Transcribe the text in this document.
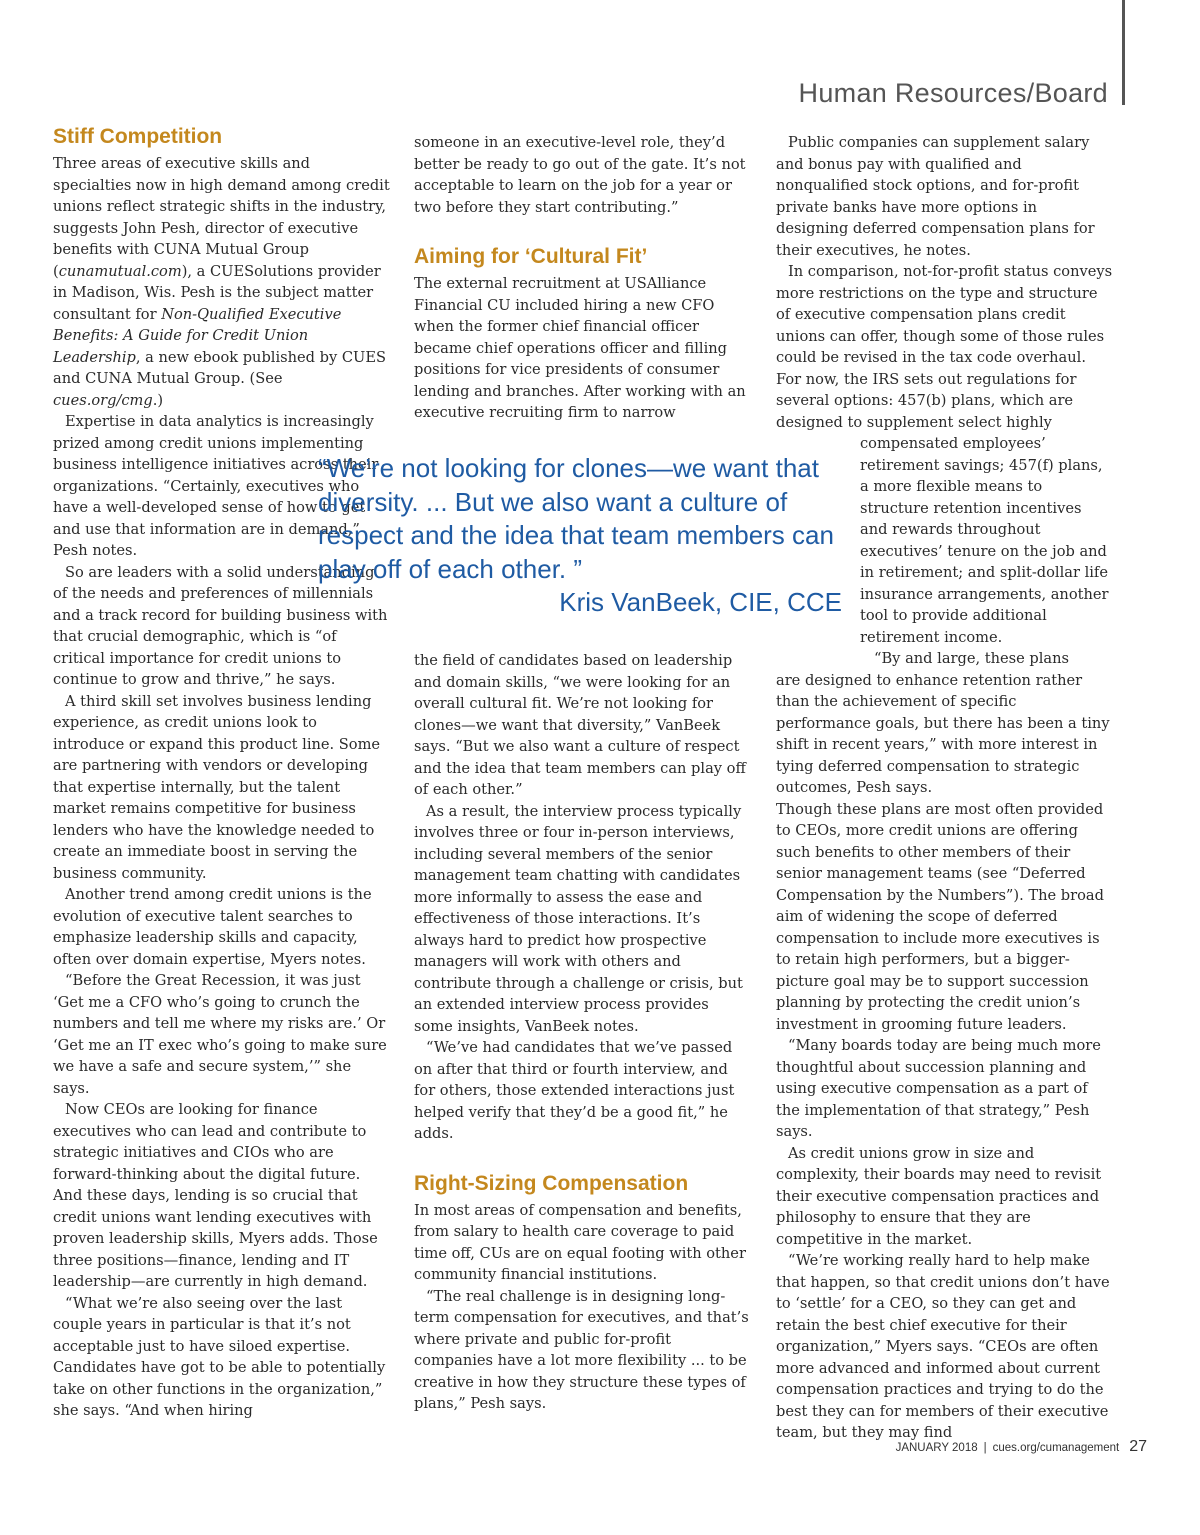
Human Resources/Board
Stiff Competition

Three areas of executive skills and specialties now in high demand among credit unions reflect strategic shifts in the industry, suggests John Pesh, director of executive benefits with CUNA Mutual Group (cunamutual.com), a CUESolutions provider in Madison, Wis. Pesh is the subject matter consultant for Non-Qualified Executive Benefits: A Guide for Credit Union Leadership, a new ebook published by CUES and CUNA Mutual Group. (See cues.org/cmg.)

Expertise in data analytics is increasingly prized among credit unions implementing business intelligence initiatives across their organizations. “Certainly, executives who have a well-developed sense of how to get and use that information are in demand,” Pesh notes.

So are leaders with a solid understanding of the needs and preferences of millennials and a track record for building business with that crucial demographic, which is “of critical importance for credit unions to continue to grow and thrive,” he says.

A third skill set involves business lending experience, as credit unions look to introduce or expand this product line. Some are partnering with vendors or developing that expertise internally, but the talent market remains competitive for business lenders who have the knowledge needed to create an immediate boost in serving the business community.

Another trend among credit unions is the evolution of executive talent searches to emphasize leadership skills and capacity, often over domain expertise, Myers notes.

“Before the Great Recession, it was just ‘Get me a CFO who’s going to crunch the numbers and tell me where my risks are.’ Or ‘Get me an IT exec who’s going to make sure we have a safe and secure system,’” she says.

Now CEOs are looking for finance executives who can lead and contribute to strategic initiatives and CIOs who are forward-thinking about the digital future. And these days, lending is so crucial that credit unions want lending executives with proven leadership skills, Myers adds. Those three positions—finance, lending and IT leadership—are currently in high demand.

“What we’re also seeing over the last couple years in particular is that it’s not acceptable just to have siloed expertise. Candidates have got to be able to potentially take on other functions in the organization,” she says. “And when hiring

someone in an executive-level role, they’d better be ready to go out of the gate. It’s not acceptable to learn on the job for a year or two before they start contributing.”

Aiming for ‘Cultural Fit’

The external recruitment at USAlliance Financial CU included hiring a new CFO when the former chief financial officer became chief operations officer and filling positions for vice presidents of consumer lending and branches. After working with an executive recruiting firm to narrow

the field of candidates based on leadership and domain skills, “we were looking for an overall cultural fit. We’re not looking for clones—we want that diversity,” VanBeek says. “But we also want a culture of respect and the idea that team members can play off of each other.”

As a result, the interview process typically involves three or four in-person interviews, including several members of the senior management team chatting with candidates more informally to assess the ease and effectiveness of those interactions. It’s always hard to predict how prospective managers will work with others and contribute through a challenge or crisis, but an extended interview process provides some insights, VanBeek notes.

“We’ve had candidates that we’ve passed on after that third or fourth interview, and for others, those extended interactions just helped verify that they’d be a good fit,” he adds.

Right-Sizing Compensation

In most areas of compensation and benefits, from salary to health care coverage to paid time off, CUs are on equal footing with other community financial institutions.

“The real challenge is in designing long-term compensation for executives, and that’s where private and public for-profit companies have a lot more flexibility ... to be creative in how they structure these types of plans,” Pesh says.

Public companies can supplement salary and bonus pay with qualified and nonqualified stock options, and for-profit private banks have more options in designing deferred compensation plans for their executives, he notes.

In comparison, not-for-profit status conveys more restrictions on the type and structure of executive compensation plans credit unions can offer, though some of those rules could be revised in the tax code overhaul. For now, the IRS sets out regulations for several options: 457(b) plans, which are designed to supplement select highly

compensated employees’ retirement savings; 457(f) plans, a more flexible means to structure retention incentives and rewards throughout executives’ tenure on the job and in retirement; and split-dollar life insurance arrangements, another tool to provide additional retirement income.

“By and large, these plans

are designed to enhance retention rather than the achievement of specific performance goals, but there has been a tiny shift in recent years,” with more interest in tying deferred compensation to strategic outcomes, Pesh says.

Though these plans are most often provided to CEOs, more credit unions are offering such benefits to other members of their senior management teams (see “Deferred Compensation by the Numbers”). The broad aim of widening the scope of deferred compensation to include more executives is to retain high performers, but a bigger-picture goal may be to support succession planning by protecting the credit union’s investment in grooming future leaders.

“Many boards today are being much more thoughtful about succession planning and using executive compensation as a part of the implementation of that strategy,” Pesh says.

As credit unions grow in size and complexity, their boards may need to revisit their executive compensation practices and philosophy to ensure that they are competitive in the market.

“We’re working really hard to help make that happen, so that credit unions don’t have to ‘settle’ for a CEO, so they can get and retain the best chief executive for their organization,” Myers says. “CEOs are often more advanced and informed about current compensation practices and trying to do the best they can for members of their executive team, but they may find

“We’re not looking for clones—we want that diversity. ... But we also want a culture of respect and the idea that team members can play off of each other. ”
Kris VanBeek, CIE, CCE
JANUARY 2018 | cues.org/cumanagement 27
